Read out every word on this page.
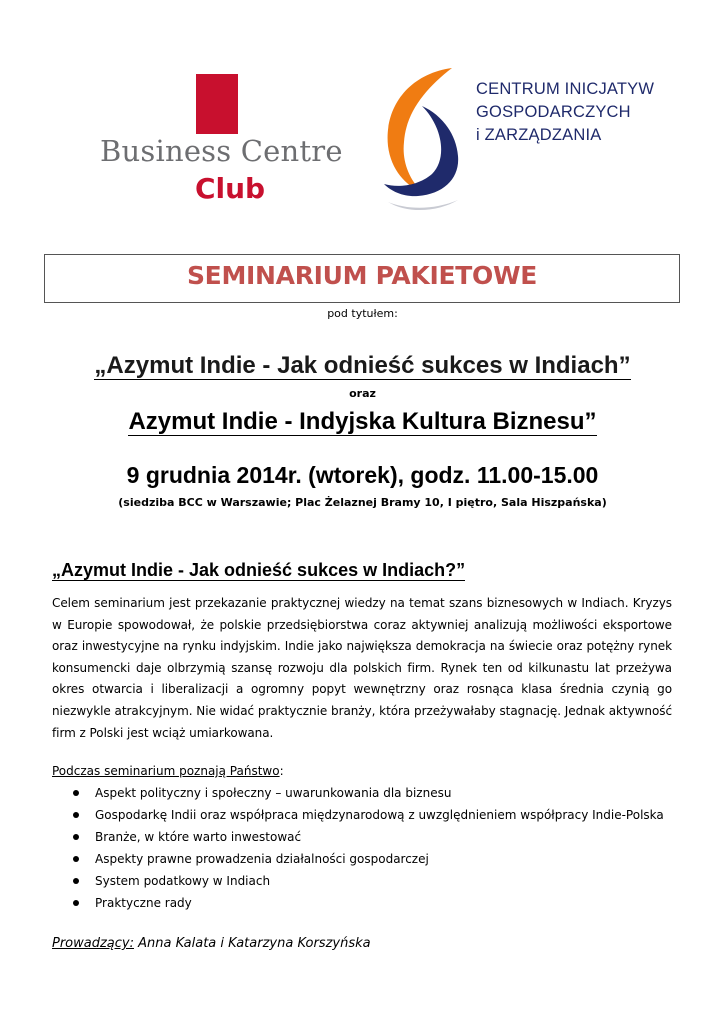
Business Centre
Club
CENTRUM INICJATYW
GOSPODARCZYCH
i ZARZĄDZANIA
SEMINARIUM PAKIETOWE
pod tytułem:
„Azymut Indie - Jak odnieść sukces w Indiach”
oraz
Azymut Indie - Indyjska Kultura Biznesu”
9 grudnia 2014r. (wtorek), godz. 11.00-15.00
(siedziba BCC w Warszawie; Plac Żelaznej Bramy 10, I piętro, Sala Hiszpańska)
„Azymut Indie - Jak odnieść sukces w Indiach?”
Celem seminarium jest przekazanie praktycznej wiedzy na temat szans biznesowych w Indiach. Kryzys w Europie spowodował, że polskie przedsiębiorstwa coraz aktywniej analizują możliwości eksportowe oraz inwestycyjne na rynku indyjskim. Indie jako największa demokracja na świecie oraz potężny rynek konsumencki daje olbrzymią szansę rozwoju dla polskich firm. Rynek ten od kilkunastu lat przeżywa okres otwarcia i liberalizacji a ogromny popyt wewnętrzny oraz rosnąca klasa średnia czynią go niezwykle atrakcyjnym. Nie widać praktycznie branży, która przeżywałaby stagnację. Jednak aktywność firm z Polski jest wciąż umiarkowana.
Podczas seminarium poznają Państwo:
Aspekt polityczny i społeczny – uwarunkowania dla biznesu
Gospodarkę Indii oraz współpraca międzynarodową z uwzględnieniem współpracy Indie-Polska
Branże, w które warto inwestować
Aspekty prawne prowadzenia działalności gospodarczej
System podatkowy w Indiach
Praktyczne rady
Prowadzący: Anna Kalata i Katarzyna Korszyńska
